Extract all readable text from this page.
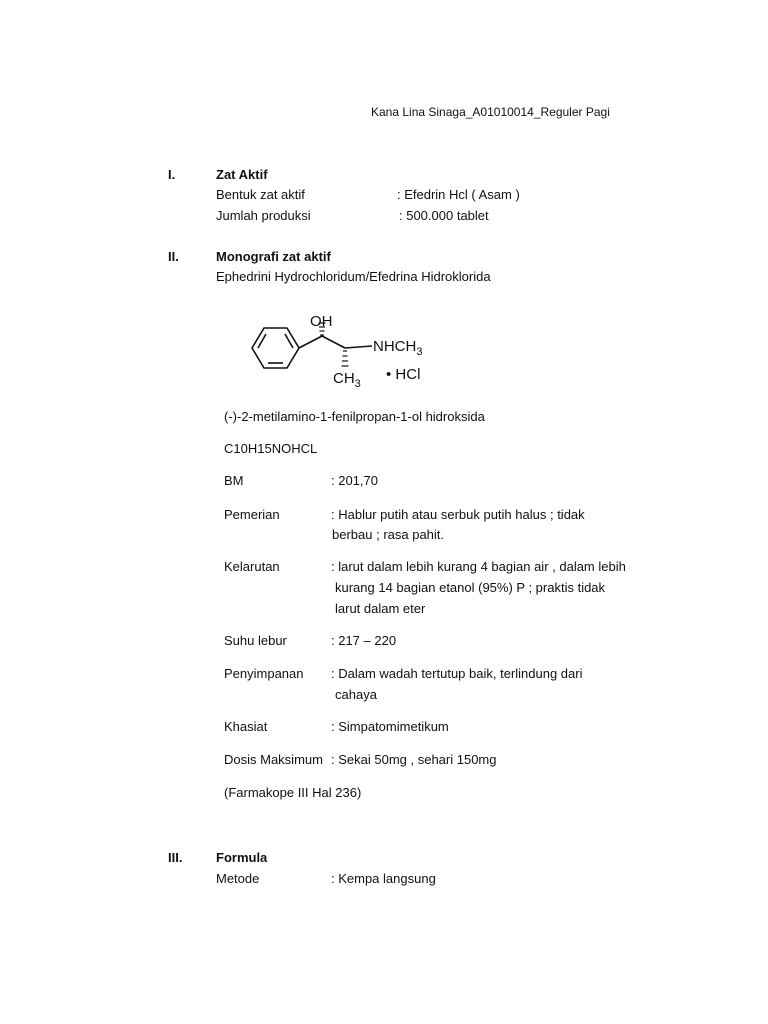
Kana Lina Sinaga_A01010014_Reguler Pagi
I.	Zat Aktif
Bentuk zat aktif	: Efedrin Hcl ( Asam )
Jumlah produksi	: 500.000 tablet
II.	Monografi zat aktif
Ephedrini Hydrochloridum/Efedrina Hidroklorida
OH
$NHCH_3$
$CH_3$
• HCl
(-)-2-metilamino-1-fenilpropan-1-ol hidroksida
C10H15NOHCL
BM	: 201,70
Pemerian	: Hablur putih atau serbuk putih halus ; tidak
berbau ; rasa pahit.
Kelarutan	: larut dalam lebih kurang 4 bagian air , dalam lebih
kurang 14 bagian etanol (95%) P ; praktis tidak
larut dalam eter
Suhu lebur	: 217 – 220
Penyimpanan : Dalam wadah tertutup baik, terlindung dari
cahaya
Khasiat	: Simpatomimetikum
Dosis Maksimum : Sekai 50mg , sehari 150mg
(Farmakope III Hal 236)
III.	Formula
Metode	: Kempa langsung
